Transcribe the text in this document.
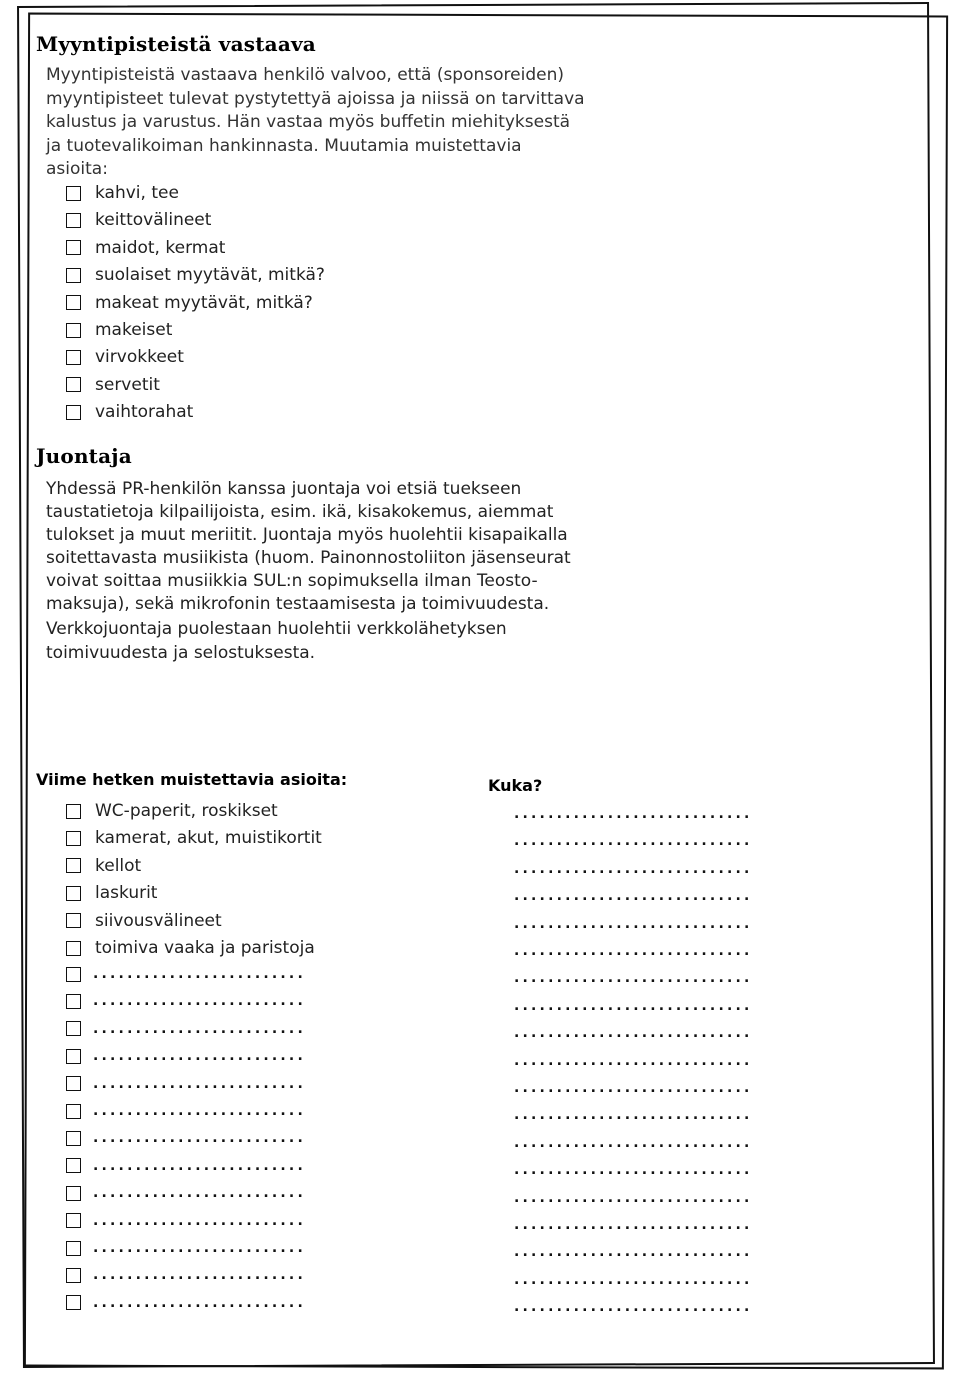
Myyntipisteistä vastaava
Myyntipisteistä vastaava henkilö valvoo, että (sponsoreiden)
myyntipisteet tulevat pystytettyä ajoissa ja niissä on tarvittava
kalustus ja varustus. Hän vastaa myös buffetin miehityksestä
ja tuotevalikoiman hankinnasta. Muutamia muistettavia
asioita:
kahvi, tee
keittovälineet
maidot, kermat
suolaiset myytävät, mitkä?
makeat myytävät, mitkä?
makeiset
virvokkeet
servetit
vaihtorahat
Juontaja
Yhdessä PR-henkilön kanssa juontaja voi etsiä tuekseen
taustatietoja kilpailijoista, esim. ikä, kisakokemus, aiemmat
tulokset ja muut meriitit. Juontaja myös huolehtii kisapaikalla
soitettavasta musiikista (huom. Painonnostoliiton jäsenseurat
voivat soittaa musiikkia SUL:n sopimuksella ilman Teosto-
maksuja), sekä mikrofonin testaamisesta ja toimivuudesta.
Verkkojuontaja puolestaan huolehtii verkkolähetyksen
toimivuudesta ja selostuksesta.
Viime hetken muistettavia asioita:	Kuka?
WC-paperit, roskikset
kamerat, akut, muistikortit
kellot
laskurit
siivousvälineet
toimiva vaaka ja paristoja
.........................
.........................
.........................
.........................
.........................
.........................
.........................
.........................
.........................
.........................
.........................
.........................
.........................
............................
............................
............................
............................
............................
............................
............................
............................
............................
............................
............................
............................
............................
............................
............................
............................
............................
............................
............................
